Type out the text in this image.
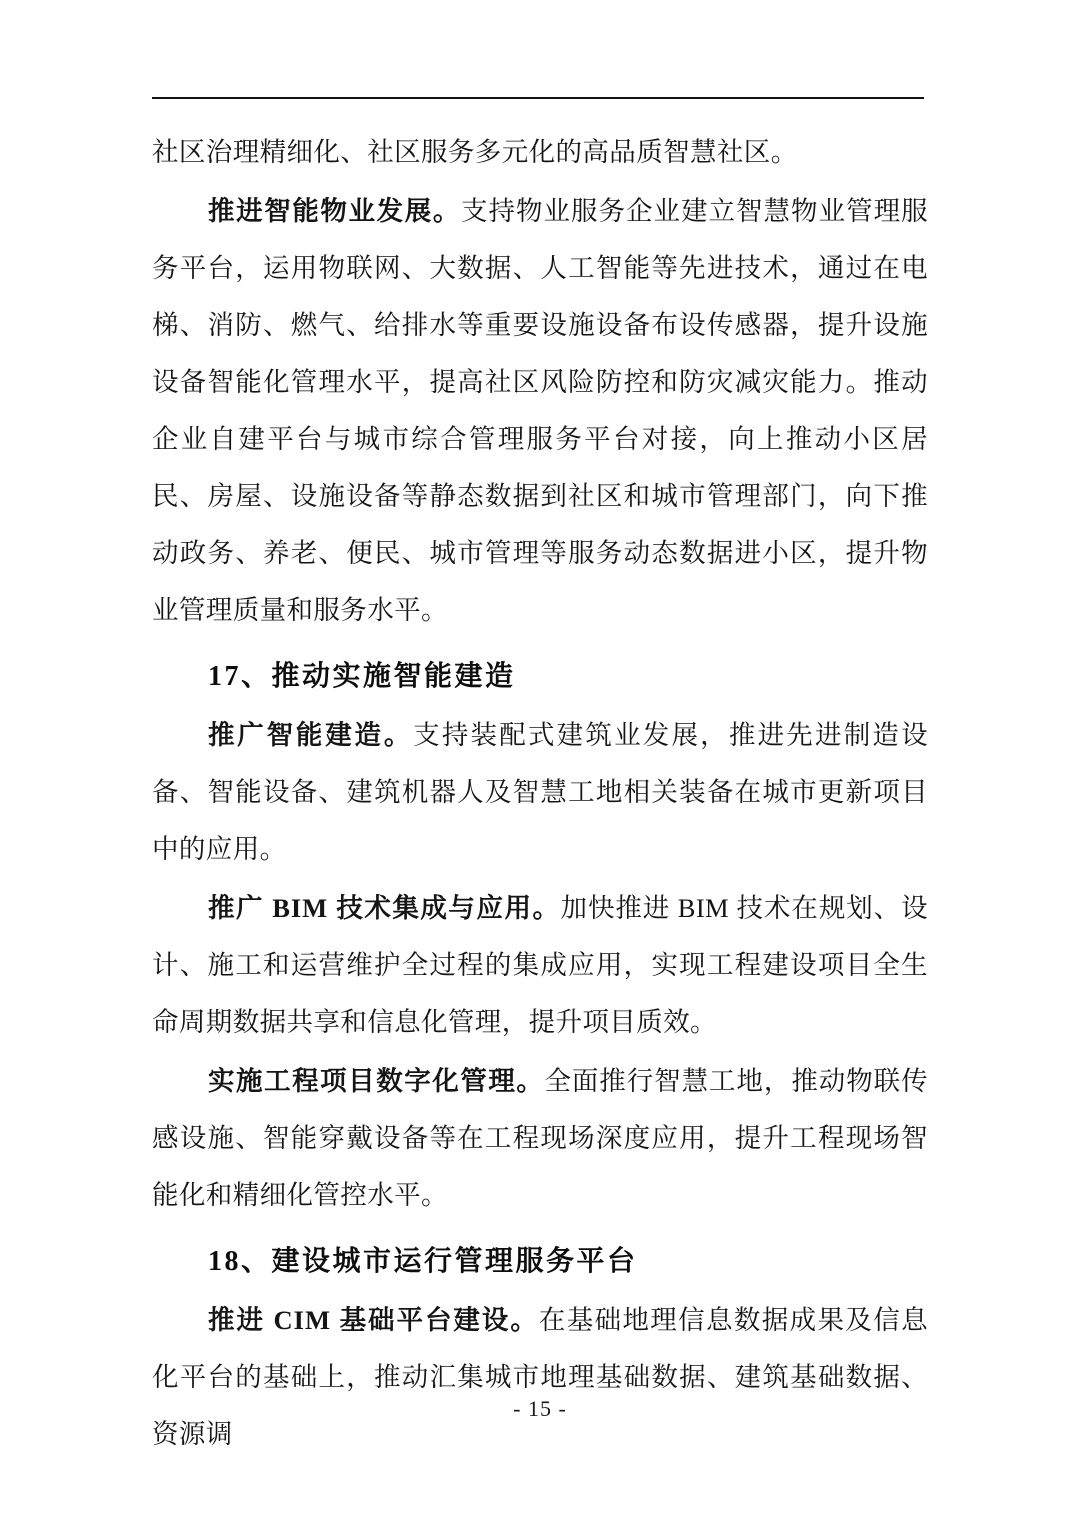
社区治理精细化、社区服务多元化的高品质智慧社区。

推进智能物业发展。支持物业服务企业建立智慧物业管理服务平台，运用物联网、大数据、人工智能等先进技术，通过在电梯、消防、燃气、给排水等重要设施设备布设传感器，提升设施设备智能化管理水平，提高社区风险防控和防灾减灾能力。推动企业自建平台与城市综合管理服务平台对接，向上推动小区居民、房屋、设施设备等静态数据到社区和城市管理部门，向下推动政务、养老、便民、城市管理等服务动态数据进小区，提升物业管理质量和服务水平。

17、推动实施智能建造

推广智能建造。支持装配式建筑业发展，推进先进制造设备、智能设备、建筑机器人及智慧工地相关装备在城市更新项目中的应用。

推广 BIM 技术集成与应用。加快推进 BIM 技术在规划、设计、施工和运营维护全过程的集成应用，实现工程建设项目全生命周期数据共享和信息化管理，提升项目质效。

实施工程项目数字化管理。全面推行智慧工地，推动物联传感设施、智能穿戴设备等在工程现场深度应用，提升工程现场智能化和精细化管控水平。

18、建设城市运行管理服务平台

推进 CIM 基础平台建设。在基础地理信息数据成果及信息化平台的基础上，推动汇集城市地理基础数据、建筑基础数据、资源调

- 15 -
